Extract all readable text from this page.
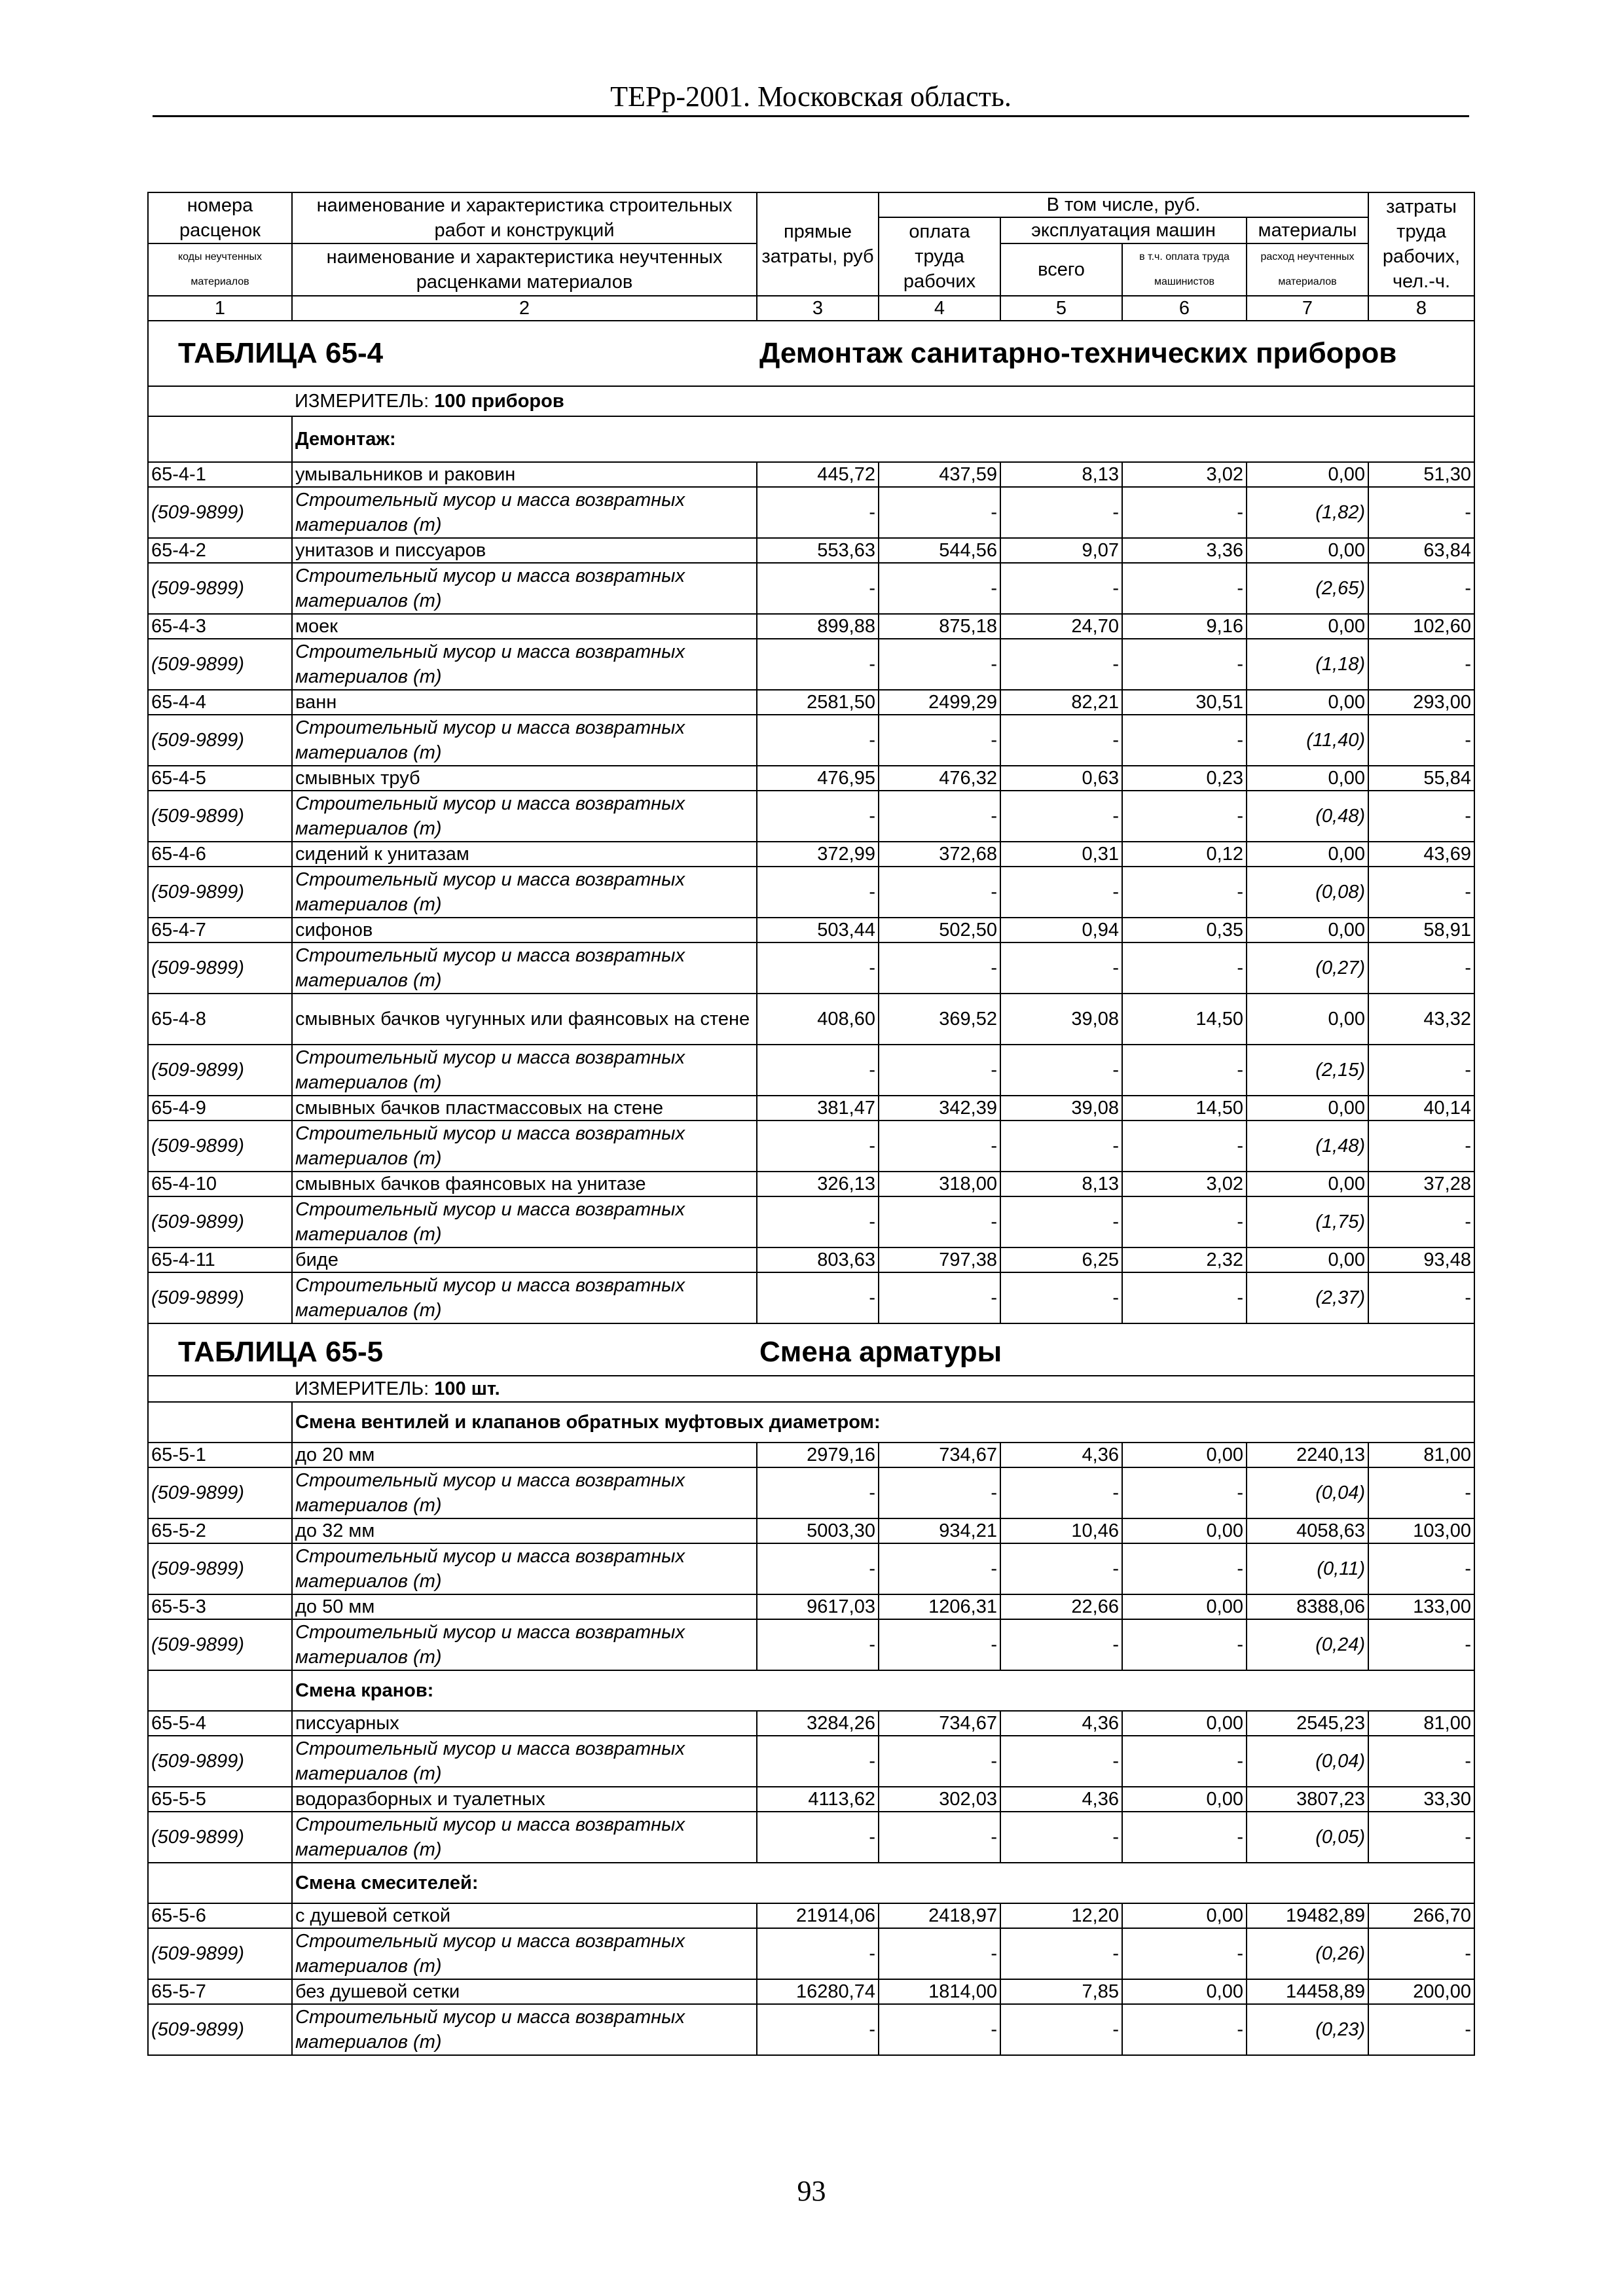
ТЕРр-2001. Московская область.
номера расценок	наименование и характеристика строительных работ и конструкций	прямые затраты, руб	В том числе, руб.				затраты труда рабочих, чел.-ч.
			оплата труда рабочих	эксплуатация машин		материалы	
коды неучтенных материалов	наименование и характеристика неучтенных расценками материалов			всего	в т.ч. оплата труда машинистов	расход неучтенных материалов	

1	2	3	4	5	6	7	8
ТАБЛИЦА 65-4		Демонтаж санитарно-технических приборов					
	ИЗМЕРИТЕЛЬ: 100 приборов						
	Демонтаж:						
65-4-1	умывальников и раковин	445,72	437,59	8,13	3,02	0,00	51,30
(509-9899)	Строительный мусор и масса возвратных материалов (т)	-	-	-	-	(1,82)	-
65-4-2	унитазов и писсуаров	553,63	544,56	9,07	3,36	0,00	63,84
(509-9899)	Строительный мусор и масса возвратных материалов (т)	-	-	-	-	(2,65)	-
65-4-3	моек	899,88	875,18	24,70	9,16	0,00	102,60
(509-9899)	Строительный мусор и масса возвратных материалов (т)	-	-	-	-	(1,18)	-
65-4-4	ванн	2581,50	2499,29	82,21	30,51	0,00	293,00
(509-9899)	Строительный мусор и масса возвратных материалов (т)	-	-	-	-	(11,40)	-
65-4-5	смывных труб	476,95	476,32	0,63	0,23	0,00	55,84
(509-9899)	Строительный мусор и масса возвратных материалов (т)	-	-	-	-	(0,48)	-
65-4-6	сидений к унитазам	372,99	372,68	0,31	0,12	0,00	43,69
(509-9899)	Строительный мусор и масса возвратных материалов (т)	-	-	-	-	(0,08)	-
65-4-7	сифонов	503,44	502,50	0,94	0,35	0,00	58,91
(509-9899)	Строительный мусор и масса возвратных материалов (т)	-	-	-	-	(0,27)	-
65-4-8	смывных бачков чугунных или фаянсовых на стене	408,60	369,52	39,08	14,50	0,00	43,32
(509-9899)	Строительный мусор и масса возвратных материалов (т)	-	-	-	-	(2,15)	-
65-4-9	смывных бачков пластмассовых на стене	381,47	342,39	39,08	14,50	0,00	40,14
(509-9899)	Строительный мусор и масса возвратных материалов (т)	-	-	-	-	(1,48)	-
65-4-10	смывных бачков фаянсовых на унитазе	326,13	318,00	8,13	3,02	0,00	37,28
(509-9899)	Строительный мусор и масса возвратных материалов (т)	-	-	-	-	(1,75)	-
65-4-11	биде	803,63	797,38	6,25	2,32	0,00	93,48
(509-9899)	Строительный мусор и масса возвратных материалов (т)	-	-	-	-	(2,37)	-
ТАБЛИЦА 65-5		Смена арматуры					
	ИЗМЕРИТЕЛЬ: 100 шт.						
	Смена вентилей и клапанов обратных муфтовых диаметром:						
65-5-1	до 20 мм	2979,16	734,67	4,36	0,00	2240,13	81,00
(509-9899)	Строительный мусор и масса возвратных материалов (т)	-	-	-	-	(0,04)	-
65-5-2	до 32 мм	5003,30	934,21	10,46	0,00	4058,63	103,00
(509-9899)	Строительный мусор и масса возвратных материалов (т)	-	-	-	-	(0,11)	-
65-5-3	до 50 мм	9617,03	1206,31	22,66	0,00	8388,06	133,00
(509-9899)	Строительный мусор и масса возвратных материалов (т)	-	-	-	-	(0,24)	-
	Смена кранов:						
65-5-4	писсуарных	3284,26	734,67	4,36	0,00	2545,23	81,00
(509-9899)	Строительный мусор и масса возвратных материалов (т)	-	-	-	-	(0,04)	-
65-5-5	водоразборных и туалетных	4113,62	302,03	4,36	0,00	3807,23	33,30
(509-9899)	Строительный мусор и масса возвратных материалов (т)	-	-	-	-	(0,05)	-
	Смена смесителей:						
65-5-6	с душевой сеткой	21914,06	2418,97	12,20	0,00	19482,89	266,70
(509-9899)	Строительный мусор и масса возвратных материалов (т)	-	-	-	-	(0,26)	-
65-5-7	без душевой сетки	16280,74	1814,00	7,85	0,00	14458,89	200,00
(509-9899)	Строительный мусор и масса возвратных материалов (т)	-	-	-	-	(0,23)	-
93
